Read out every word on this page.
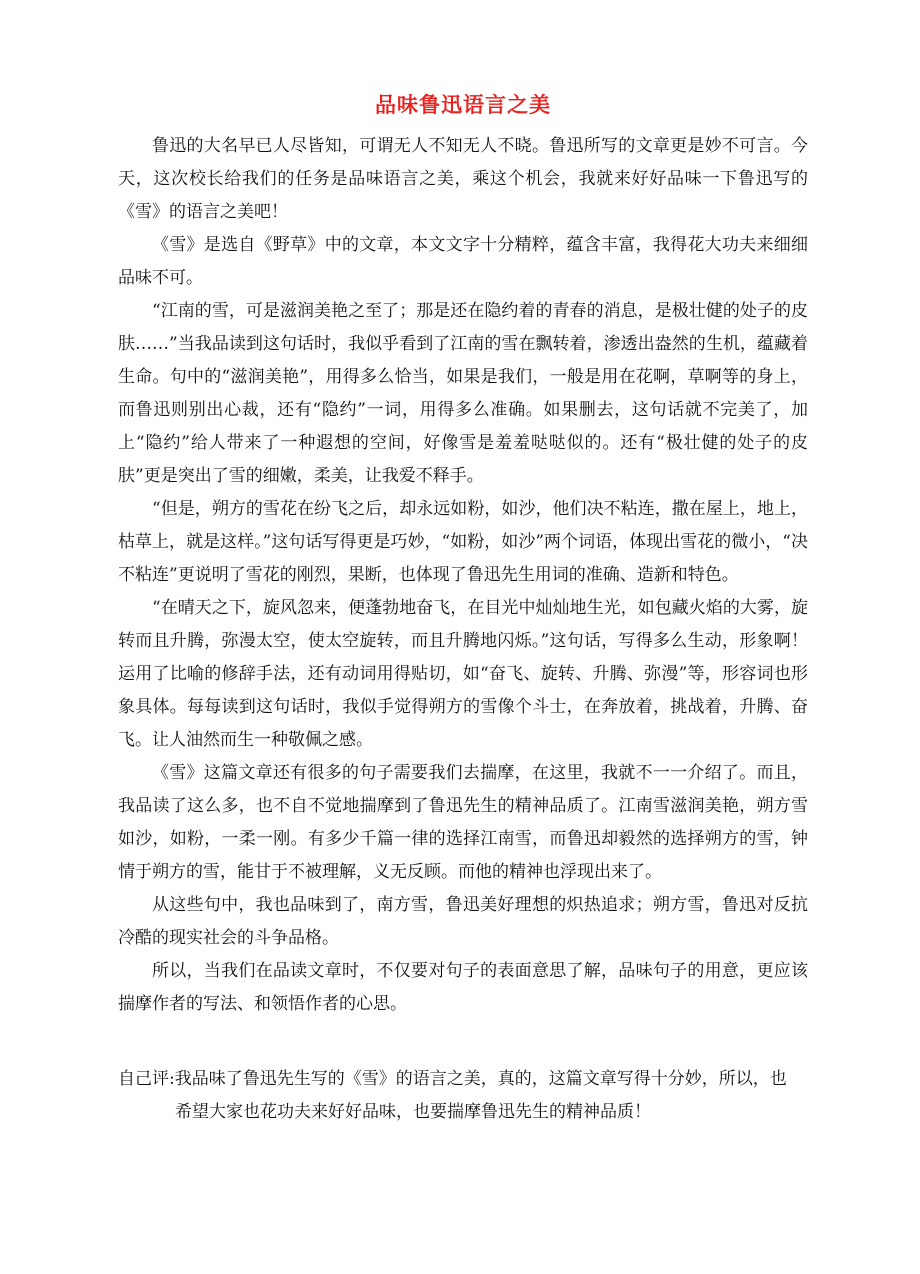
品味鲁迅语言之美

鲁迅的大名早已人尽皆知，可谓无人不知无人不晓。鲁迅所写的文章更是妙不可言。今天，这次校长给我们的任务是品味语言之美，乘这个机会，我就来好好品味一下鲁迅写的《雪》的语言之美吧！

《雪》是选自《野草》中的文章，本文文字十分精粹，蕴含丰富，我得花大功夫来细细品味不可。

“江南的雪，可是滋润美艳之至了；那是还在隐约着的青春的消息，是极壮健的处子的皮肤……”当我品读到这句话时，我似乎看到了江南的雪在飘转着，渗透出盎然的生机，蕴藏着生命。句中的“滋润美艳”，用得多么恰当，如果是我们，一般是用在花啊，草啊等的身上，而鲁迅则别出心裁，还有“隐约”一词，用得多么准确。如果删去，这句话就不完美了，加上“隐约”给人带来了一种遐想的空间，好像雪是羞羞哒哒似的。还有“极壮健的处子的皮肤”更是突出了雪的细嫩，柔美，让我爱不释手。

“但是，朔方的雪花在纷飞之后，却永远如粉，如沙，他们决不粘连，撒在屋上，地上，枯草上，就是这样。”这句话写得更是巧妙，“如粉，如沙”两个词语，体现出雪花的微小，“决不粘连”更说明了雪花的刚烈，果断，也体现了鲁迅先生用词的准确、造新和特色。

“在晴天之下，旋风忽来，便蓬勃地奋飞，在目光中灿灿地生光，如包藏火焰的大雾，旋转而且升腾，弥漫太空，使太空旋转，而且升腾地闪烁。”这句话，写得多么生动，形象啊！运用了比喻的修辞手法，还有动词用得贴切，如“奋飞、旋转、升腾、弥漫”等，形容词也形象具体。每每读到这句话时，我似手觉得朔方的雪像个斗士，在奔放着，挑战着，升腾、奋飞。让人油然而生一种敬佩之感。

《雪》这篇文章还有很多的句子需要我们去揣摩，在这里，我就不一一介绍了。而且，我品读了这么多，也不自不觉地揣摩到了鲁迅先生的精神品质了。江南雪滋润美艳，朔方雪如沙，如粉，一柔一刚。有多少千篇一律的选择江南雪，而鲁迅却毅然的选择朔方的雪，钟情于朔方的雪，能甘于不被理解，义无反顾。而他的精神也浮现出来了。

从这些句中，我也品味到了，南方雪，鲁迅美好理想的炽热追求；朔方雪，鲁迅对反抗冷酷的现实社会的斗争品格。

所以，当我们在品读文章时，不仅要对句子的表面意思了解，品味句子的用意，更应该揣摩作者的写法、和领悟作者的心思。

自己评:我品味了鲁迅先生写的《雪》的语言之美，真的，这篇文章写得十分妙，所以，也

希望大家也花功夫来好好品味，也要揣摩鲁迅先生的精神品质！
